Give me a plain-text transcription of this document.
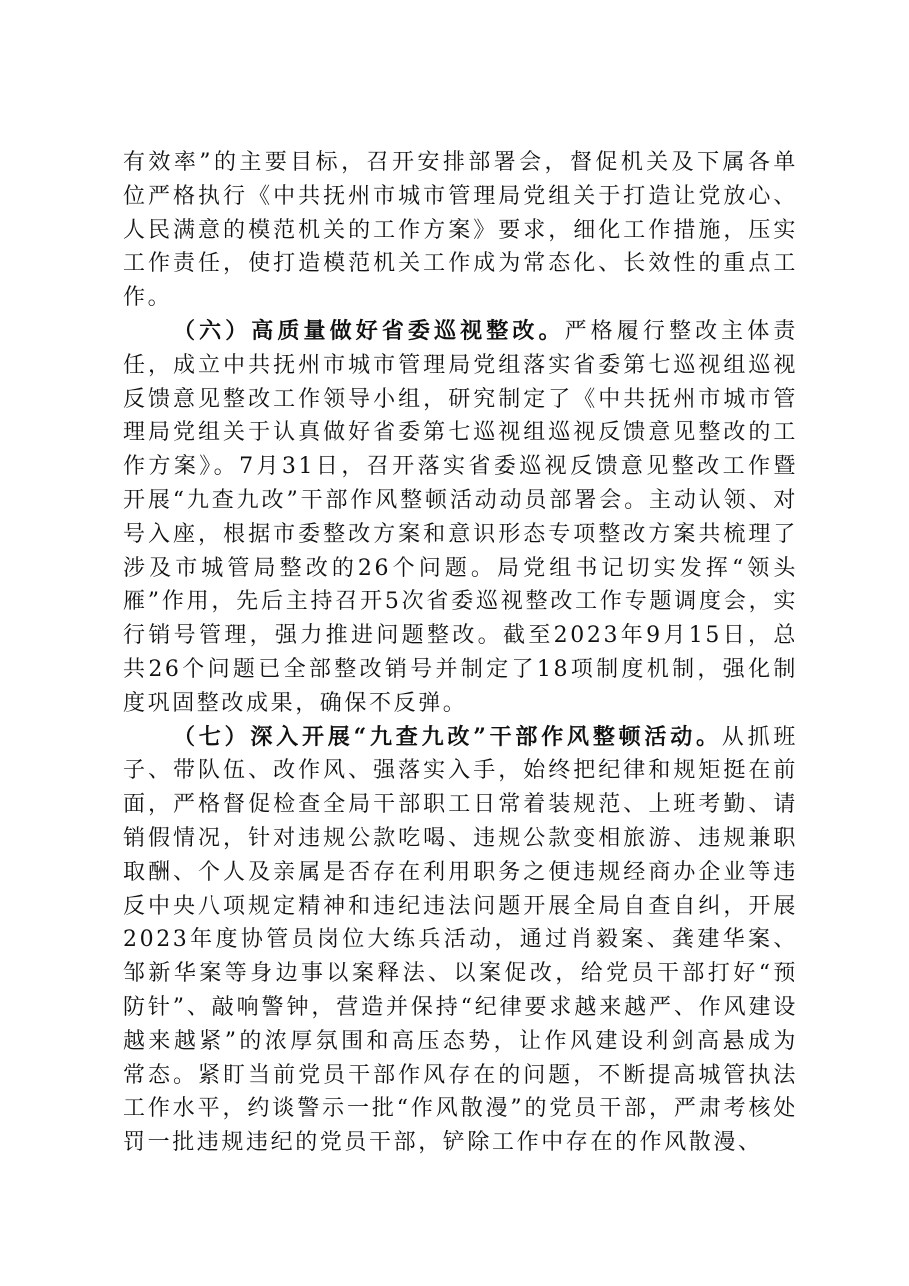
有效率”的主要目标，召开安排部署会，督促机关及下属各单位严格执行《中共抚州市城市管理局党组关于打造让党放心、人民满意的模范机关的工作方案》要求，细化工作措施，压实工作责任，使打造模范机关工作成为常态化、长效性的重点工作。

（六）高质量做好省委巡视整改。严格履行整改主体责任，成立中共抚州市城市管理局党组落实省委第七巡视组巡视反馈意见整改工作领导小组，研究制定了《中共抚州市城市管理局党组关于认真做好省委第七巡视组巡视反馈意见整改的工作方案》。7月31日，召开落实省委巡视反馈意见整改工作暨开展“九查九改”干部作风整顿活动动员部署会。主动认领、对号入座，根据市委整改方案和意识形态专项整改方案共梳理了涉及市城管局整改的26个问题。局党组书记切实发挥“领头雁”作用，先后主持召开5次省委巡视整改工作专题调度会，实行销号管理，强力推进问题整改。截至2023年9月15日，总共26个问题已全部整改销号并制定了18项制度机制，强化制度巩固整改成果，确保不反弹。

（七）深入开展“九查九改”干部作风整顿活动。从抓班子、带队伍、改作风、强落实入手，始终把纪律和规矩挺在前面，严格督促检查全局干部职工日常着装规范、上班考勤、请销假情况，针对违规公款吃喝、违规公款变相旅游、违规兼职取酬、个人及亲属是否存在利用职务之便违规经商办企业等违反中央八项规定精神和违纪违法问题开展全局自查自纠，开展2023年度协管员岗位大练兵活动，通过肖毅案、龚建华案、邹新华案等身边事以案释法、以案促改，给党员干部打好“预防针”、敲响警钟，营造并保持“纪律要求越来越严、作风建设越来越紧”的浓厚氛围和高压态势，让作风建设利剑高悬成为常态。紧盯当前党员干部作风存在的问题，不断提高城管执法工作水平，约谈警示一批“作风散漫”的党员干部，严肃考核处罚一批违规违纪的党员干部，铲除工作中存在的作风散漫、
